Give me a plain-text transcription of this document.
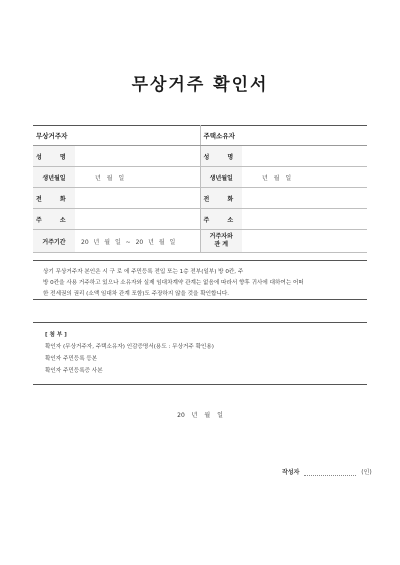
무상거주 확인서
무상거주자		주택소유자	
성 명		성 명	
생년월일	년 월 일	생년월일	년 월 일
전 화		전 화	
주 소		주 소	
거주기간	20 년 월 일 ~ 20 년 월 일	거주자와
관 계	
상기 무상거주자 본인은 시 구 로 에 주민등록 전입 또는 1층 전부(일부) 방 0칸, 주
방 0칸을 사용 거주하고 있으나 소유자와 실제 임대차계약 관계는 없음에 따라서 향후 귀사에 대하여는 어떠
한 전세권의 권리 (소액 임대차 관계 포함)도 주장하지 않을 것을 확인합니다.
[ 첨 부 ]
확인자 (무상거주자, 주택소유자) 인감증명서(용도 : 무상거주 확인용)
확인자 주민등록 등본
확인자 주민등록증 사본
20 년 월 일
작성자	(인)
